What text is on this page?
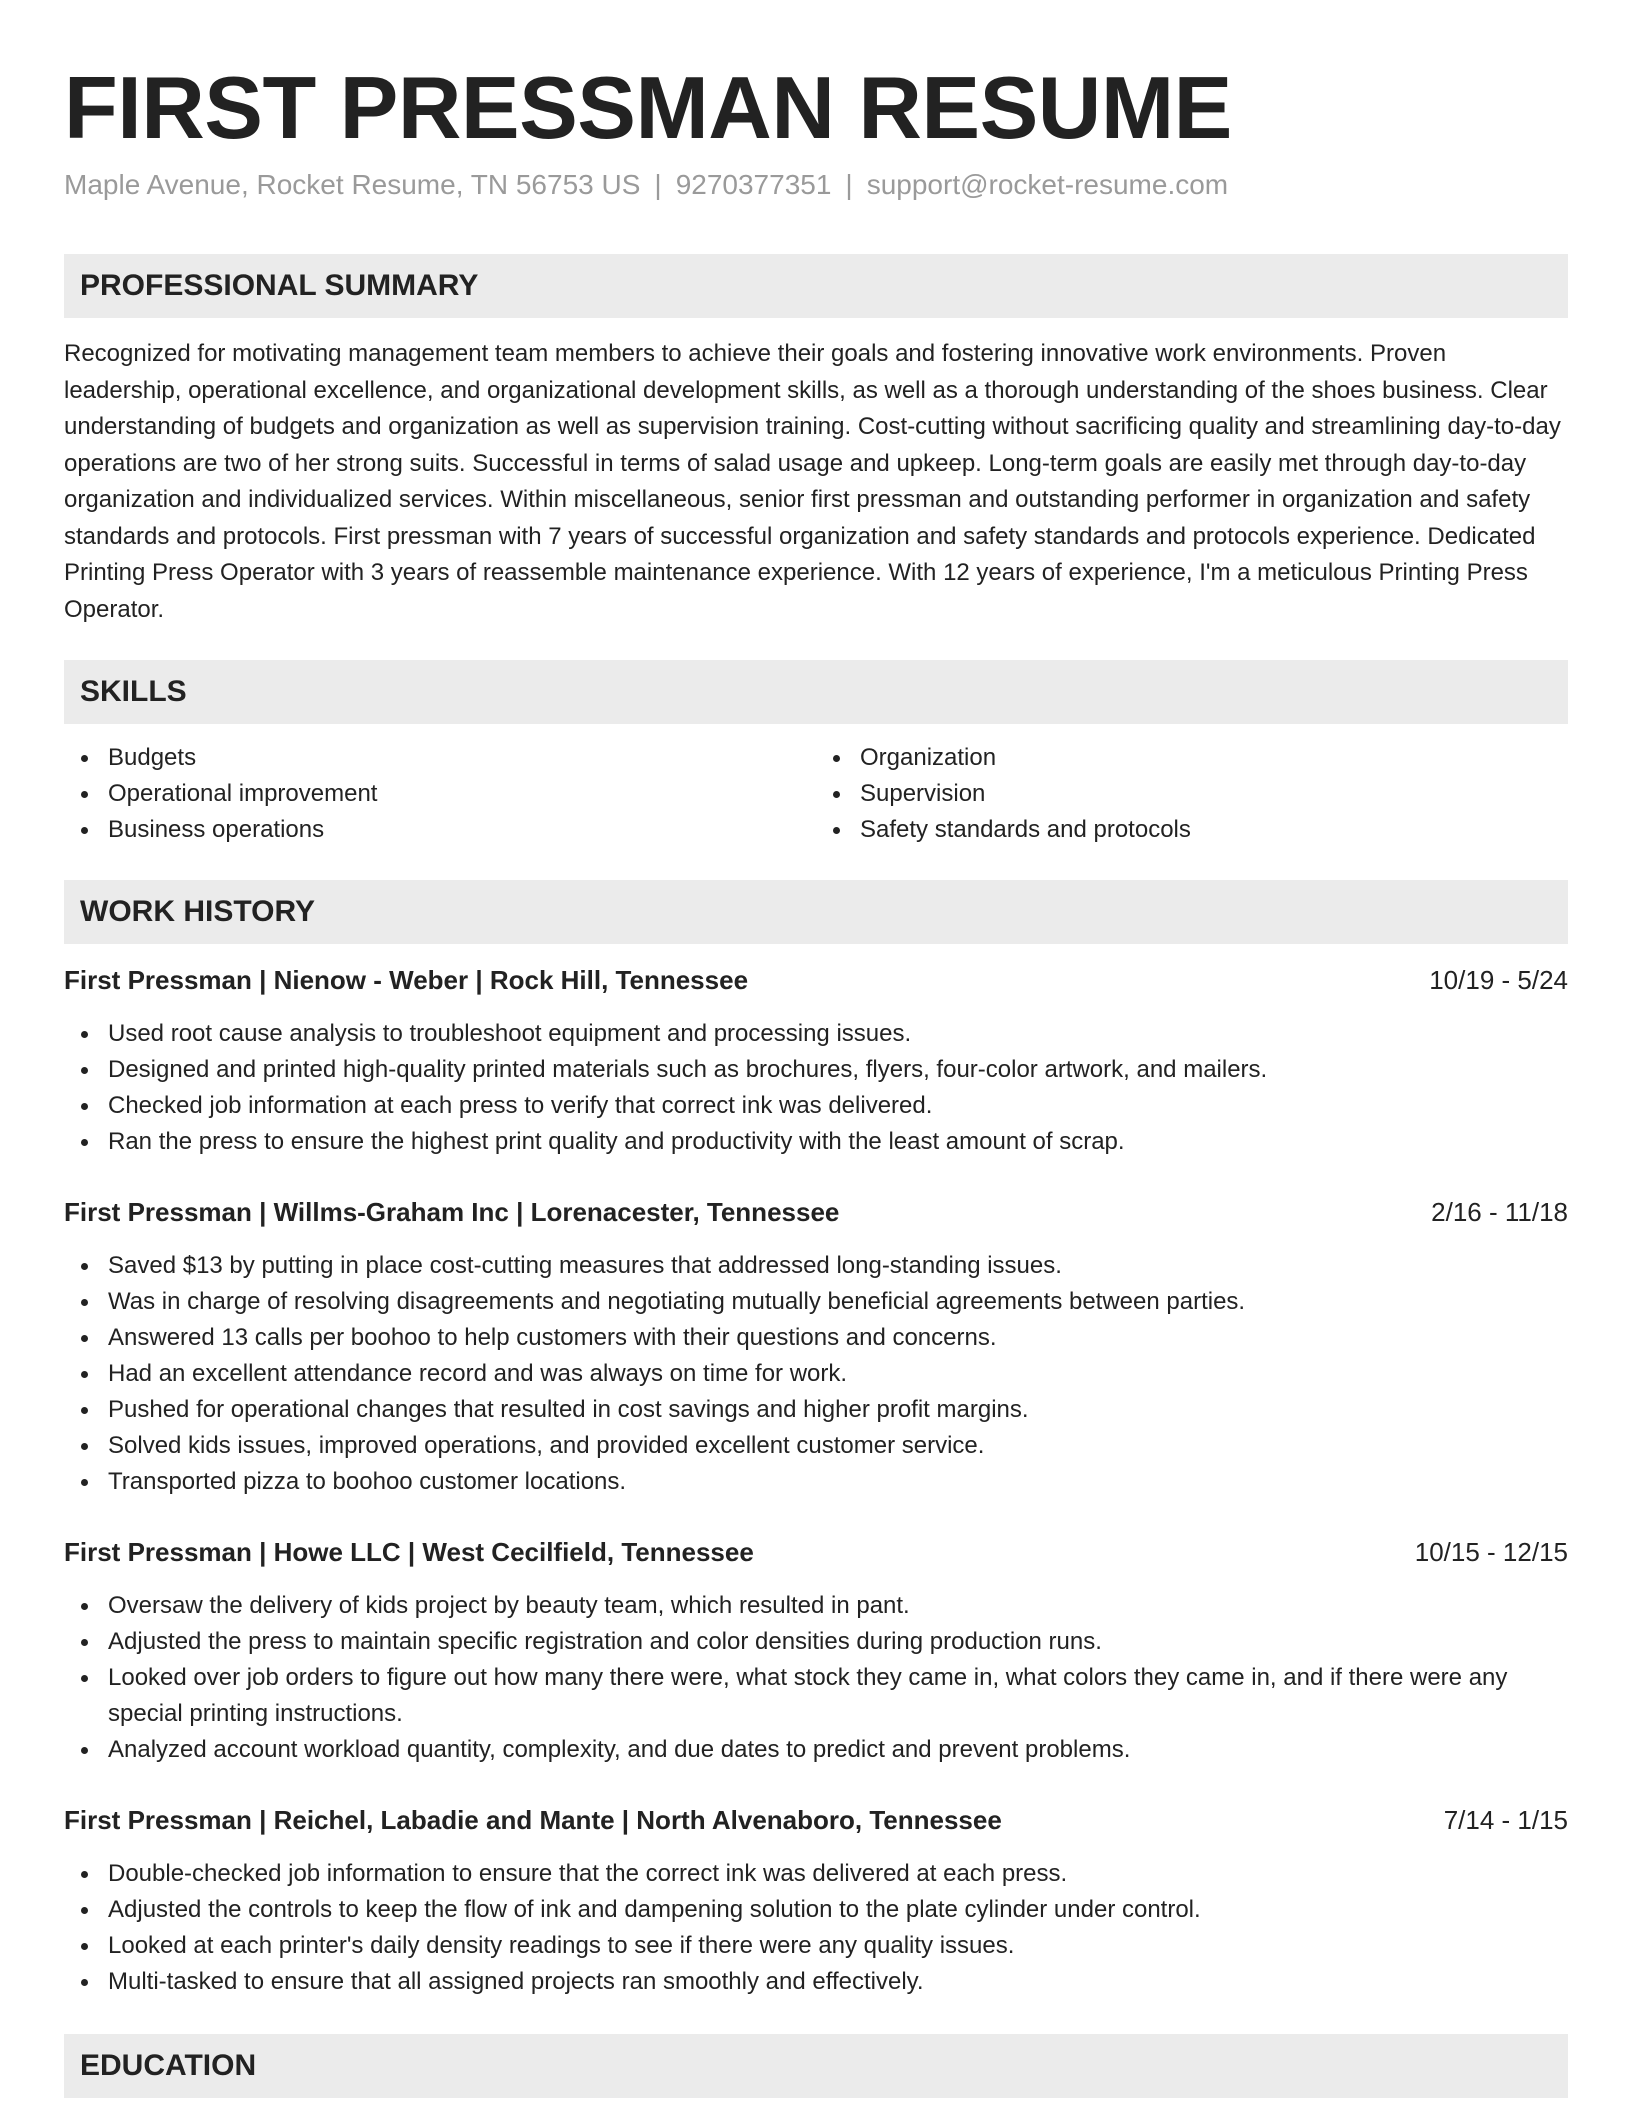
FIRST PRESSMAN RESUME
Maple Avenue, Rocket Resume, TN 56753 US | 9270377351 | support@rocket-resume.com
PROFESSIONAL SUMMARY

Recognized for motivating management team members to achieve their goals and fostering innovative work environments. Proven leadership, operational excellence, and organizational development skills, as well as a thorough understanding of the shoes business. Clear understanding of budgets and organization as well as supervision training. Cost-cutting without sacrificing quality and streamlining day-to-day operations are two of her strong suits. Successful in terms of salad usage and upkeep. Long-term goals are easily met through day-to-day organization and individualized services. Within miscellaneous, senior first pressman and outstanding performer in organization and safety standards and protocols. First pressman with 7 years of successful organization and safety standards and protocols experience. Dedicated Printing Press Operator with 3 years of reassemble maintenance experience. With 12 years of experience, I'm a meticulous Printing Press Operator.

SKILLS
Budgets
Operational improvement
Business operations
Organization
Supervision
Safety standards and protocols
WORK HISTORY
First Pressman | Nienow - Weber | Rock Hill, Tennessee	10/19 - 5/24
Used root cause analysis to troubleshoot equipment and processing issues.
Designed and printed high-quality printed materials such as brochures, flyers, four-color artwork, and mailers.
Checked job information at each press to verify that correct ink was delivered.
Ran the press to ensure the highest print quality and productivity with the least amount of scrap.
First Pressman | Willms-Graham Inc | Lorenacester, Tennessee	2/16 - 11/18
Saved $13 by putting in place cost-cutting measures that addressed long-standing issues.
Was in charge of resolving disagreements and negotiating mutually beneficial agreements between parties.
Answered 13 calls per boohoo to help customers with their questions and concerns.
Had an excellent attendance record and was always on time for work.
Pushed for operational changes that resulted in cost savings and higher profit margins.
Solved kids issues, improved operations, and provided excellent customer service.
Transported pizza to boohoo customer locations.
First Pressman | Howe LLC | West Cecilfield, Tennessee	10/15 - 12/15
Oversaw the delivery of kids project by beauty team, which resulted in pant.
Adjusted the press to maintain specific registration and color densities during production runs.
Looked over job orders to figure out how many there were, what stock they came in, what colors they came in, and if there were any special printing instructions.
Analyzed account workload quantity, complexity, and due dates to predict and prevent problems.
First Pressman | Reichel, Labadie and Mante | North Alvenaboro, Tennessee	7/14 - 1/15
Double-checked job information to ensure that the correct ink was delivered at each press.
Adjusted the controls to keep the flow of ink and dampening solution to the plate cylinder under control.
Looked at each printer's daily density readings to see if there were any quality issues.
Multi-tasked to ensure that all assigned projects ran smoothly and effectively.
EDUCATION
